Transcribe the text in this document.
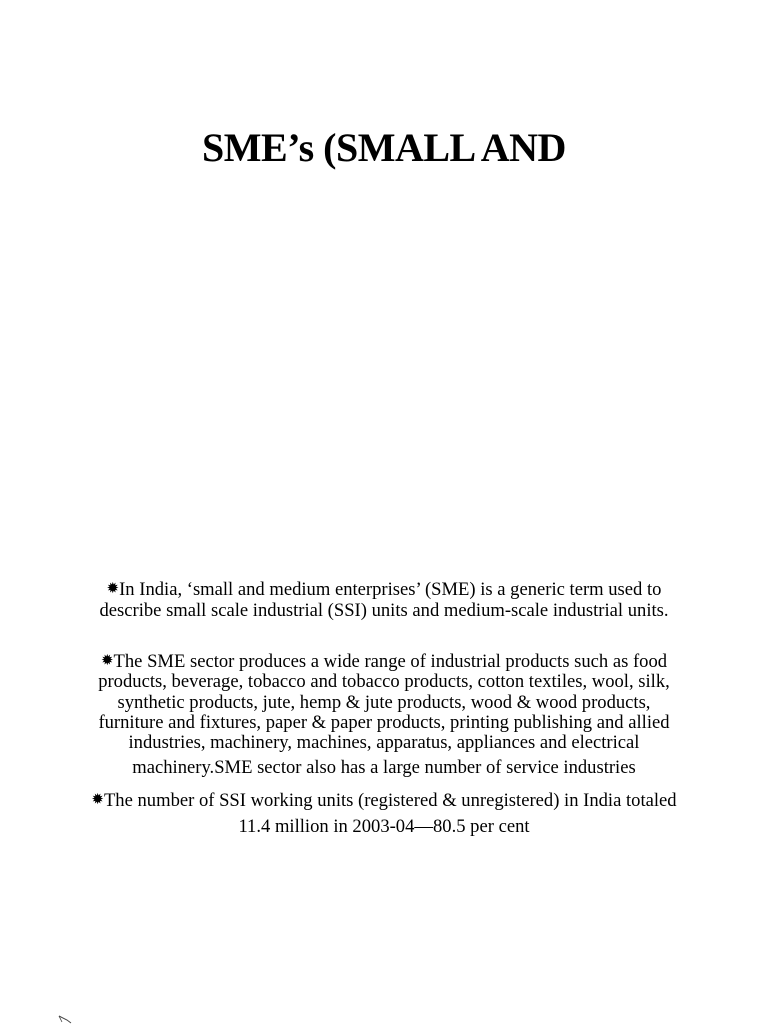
SME’s (SMALL AND

✹In India, ‘small and medium enterprises’ (SME) is a generic term used to
describe small scale industrial (SSI) units and medium-scale industrial units.

✹The SME sector produces a wide range of industrial products such as food
products, beverage, tobacco and tobacco products, cotton textiles, wool, silk,
synthetic products, jute, hemp & jute products, wood & wood products,
furniture and fixtures, paper & paper products, printing publishing and allied
industries, machinery, machines, apparatus, appliances and electrical
machinery.SME sector also has a large number of service industries

✹The number of SSI working units (registered & unregistered) in India totaled
11.4 million in 2003-04—80.5 per cent
